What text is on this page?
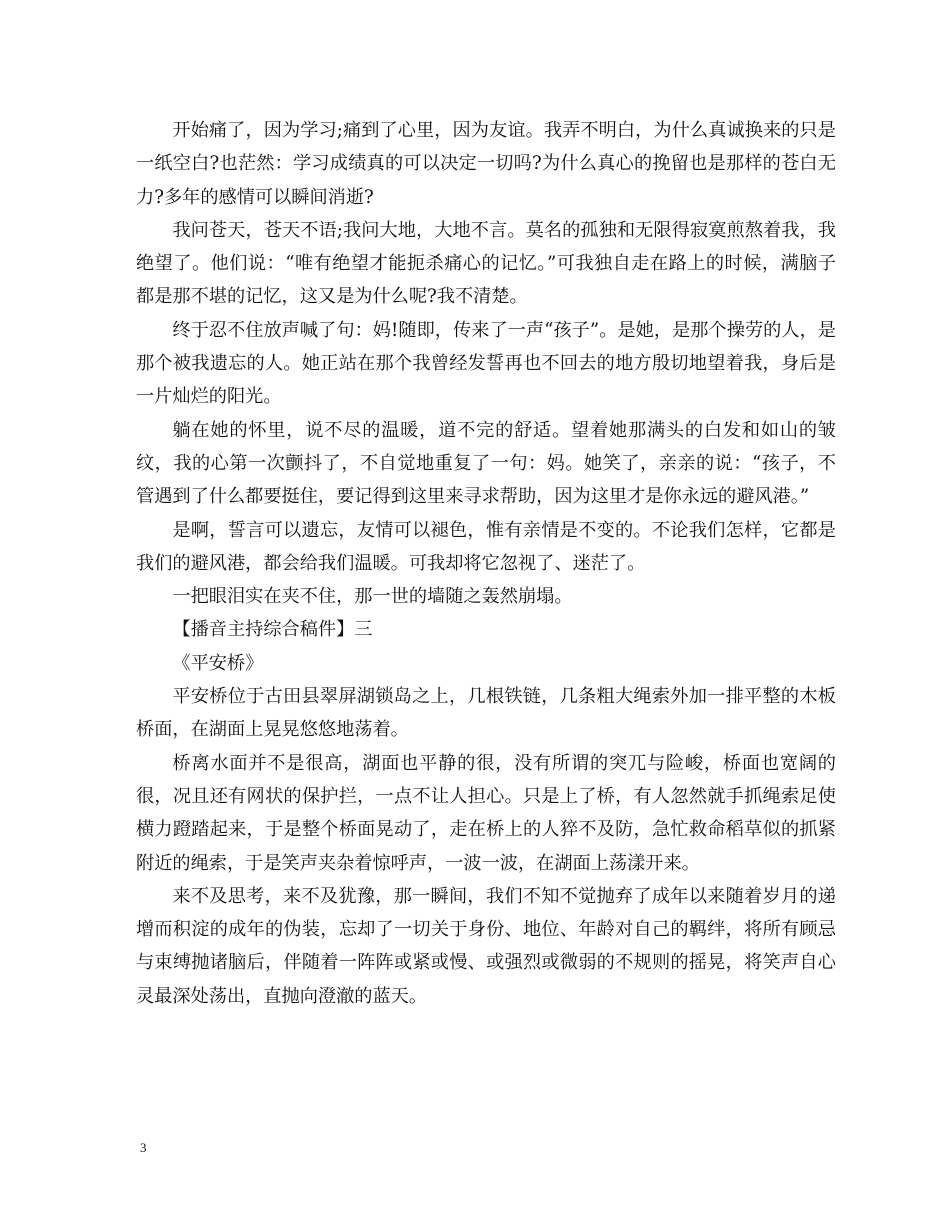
开始痛了，因为学习;痛到了心里，因为友谊。我弄不明白，为什么真诚换来的只是一纸空白?也茫然：学习成绩真的可以决定一切吗?为什么真心的挽留也是那样的苍白无力?多年的感情可以瞬间消逝?

我问苍天，苍天不语;我问大地，大地不言。莫名的孤独和无限得寂寞煎熬着我，我绝望了。他们说：“唯有绝望才能扼杀痛心的记忆。”可我独自走在路上的时候，满脑子都是那不堪的记忆，这又是为什么呢?我不清楚。

终于忍不住放声喊了句：妈!随即，传来了一声“孩子”。是她，是那个操劳的人，是那个被我遗忘的人。她正站在那个我曾经发誓再也不回去的地方殷切地望着我，身后是一片灿烂的阳光。

躺在她的怀里，说不尽的温暖，道不完的舒适。望着她那满头的白发和如山的皱纹，我的心第一次颤抖了，不自觉地重复了一句：妈。她笑了，亲亲的说：“孩子，不管遇到了什么都要挺住，要记得到这里来寻求帮助，因为这里才是你永远的避风港。”

是啊，誓言可以遗忘，友情可以褪色，惟有亲情是不变的。不论我们怎样，它都是我们的避风港，都会给我们温暖。可我却将它忽视了、迷茫了。

一把眼泪实在夹不住，那一世的墙随之轰然崩塌。

【播音主持综合稿件】三

《平安桥》

平安桥位于古田县翠屏湖锁岛之上，几根铁链，几条粗大绳索外加一排平整的木板桥面，在湖面上晃晃悠悠地荡着。

桥离水面并不是很高，湖面也平静的很，没有所谓的突兀与险峻，桥面也宽阔的很，况且还有网状的保护拦，一点不让人担心。只是上了桥，有人忽然就手抓绳索足使横力蹬踏起来，于是整个桥面晃动了，走在桥上的人猝不及防，急忙救命稻草似的抓紧附近的绳索，于是笑声夹杂着惊呼声，一波一波，在湖面上荡漾开来。

来不及思考，来不及犹豫，那一瞬间，我们不知不觉抛弃了成年以来随着岁月的递增而积淀的成年的伪装，忘却了一切关于身份、地位、年龄对自己的羁绊，将所有顾忌与束缚抛诸脑后，伴随着一阵阵或紧或慢、或强烈或微弱的不规则的摇晃，将笑声自心灵最深处荡出，直抛向澄澈的蓝天。

3
